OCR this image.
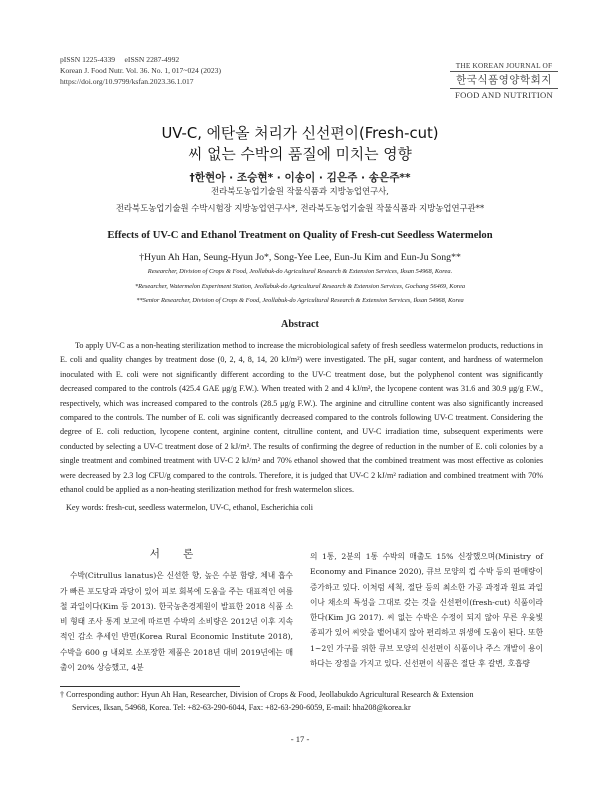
pISSN 1225-4339     eISSN 2287-4992
Korean J. Food Nutr. Vol. 36. No. 1, 017~024 (2023)
https://doi.org/10.9799/ksfan.2023.36.1.017
THE KOREAN JOURNAL OF
한국식품영양학회지
FOOD AND NUTRITION
UV-C, 에탄올 처리가 신선편이(Fresh-cut)
씨 없는 수박의 품질에 미치는 영향
†한현아 · 조승현* · 이송이 · 김은주 · 송은주**
전라북도농업기술원 작물식품과 지방농업연구사,
전라북도농업기술원 수박시험장 지방농업연구사*, 전라북도농업기술원 작물식품과 지방농업연구관**
Effects of UV-C and Ethanol Treatment on Quality of Fresh-cut Seedless Watermelon
†Hyun Ah Han, Seung-Hyun Jo*, Song-Yee Lee, Eun-Ju Kim and Eun-Ju Song**
Researcher, Division of Crops & Food, Jeollabuk-do Agricultural Research & Extension Services, Iksan 54968, Korea.
*Researcher, Watermelon Experiment Station, Jeollabuk-do Agricultural Research & Extension Services, Gochang 56469, Korea
**Senior Researcher, Division of Crops & Food, Jeollabuk-do Agricultural Research & Extension Services, Iksan 54968, Korea
Abstract

To apply UV-C as a non-heating sterilization method to increase the microbiological safety of fresh seedless watermelon products, reductions in E. coli and quality changes by treatment dose (0, 2, 4, 8, 14, 20 kJ/m²) were investigated. The pH, sugar content, and hardness of watermelon inoculated with E. coli were not significantly different according to the UV-C treatment dose, but the polyphenol content was significantly decreased compared to the controls (425.4 GAE μg/g F.W.). When treated with 2 and 4 kJ/m², the lycopene content was 31.6 and 30.9 μg/g F.W., respectively, which was increased compared to the controls (28.5 μg/g F.W.). The arginine and citrulline content was also significantly increased compared to the controls. The number of E. coli was significantly decreased compared to the controls following UV-C treatment. Considering the degree of E. coli reduction, lycopene content, arginine content, citrulline content, and UV-C irradiation time, subsequent experiments were conducted by selecting a UV-C treatment dose of 2 kJ/m². The results of confirming the degree of reduction in the number of E. coli colonies by a single treatment and combined treatment with UV-C 2 kJ/m² and 70% ethanol showed that the combined treatment was most effective as colonies were decreased by 2.3 log CFU/g compared to the controls. Therefore, it is judged that UV-C 2 kJ/m² radiation and combined treatment with 70% ethanol could be applied as a non-heating sterilization method for fresh watermelon slices.

Key words: fresh-cut, seedless watermelon, UV-C, ethanol, Escherichia coli
서 론

수박(Citrullus lanatus)은 신선한 향, 높은 수분 함량, 체내 흡수가 빠른 포도당과 과당이 있어 피로 회복에 도움을 주는 대표적인 여름철 과일이다(Kim 등 2013). 한국농촌경제원이 발표한 2018 식품 소비 형태 조사 통계 보고에 따르면 수박의 소비량은 2012년 이후 지속적인 감소 추세인 반면(Korea Rural Economic Institute 2018), 수박을 600 g 내외로 소포장한 제품은 2018년 대비 2019년에는 매출이 20% 상승했고, 4분

의 1통, 2분의 1통 수박의 매출도 15% 신장했으며(Ministry of Economy and Finance 2020), 큐브 모양의 컵 수박 등의 판매량이 증가하고 있다. 이처럼 세척, 절단 등의 최소한 가공 과정과 원료 과일이나 채소의 특성을 그대로 갖는 것을 신선편이(fresh-cut) 식품이라 한다(Kim JG 2017). 씨 없는 수박은 수정이 되지 않아 무른 우윳빛 종피가 있어 씨앗을 뱉어내지 않아 편리하고 위생에 도움이 된다. 또한 1~2인 가구를 위한 큐브 모양의 신선편이 식품이나 주스 개발이 용이하다는 장점을 가지고 있다. 신선편이 식품은 절단 후 갈변, 호흡량

† Corresponding author: Hyun Ah Han, Researcher, Division of Crops & Food, Jeollabukdo Agricultural Research & Extension
Services, Iksan, 54968, Korea. Tel: +82-63-290-6044, Fax: +82-63-290-6059, E-mail: hha208@korea.kr
- 17 -
